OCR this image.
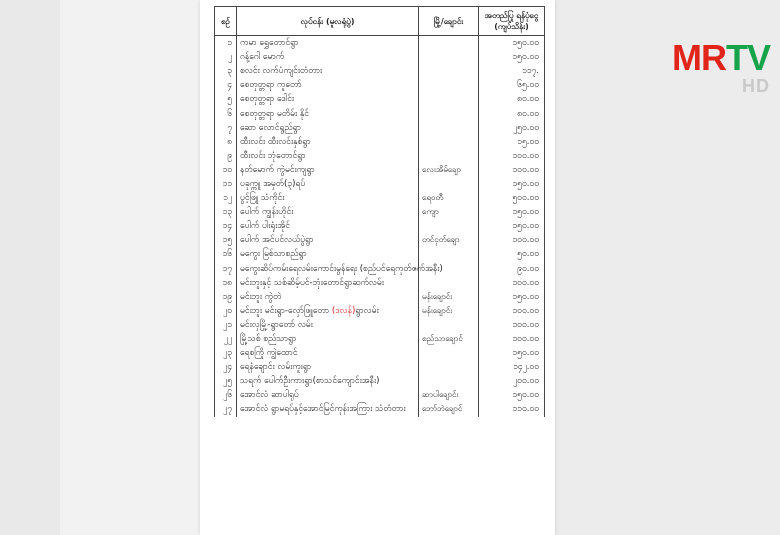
စဉ်	လုပ်ငန်း (မူလရုံပွဲ)	မြို့/ချောင်း	အတည်ပြု ရန်ပုံငွေ (ကျပ်သိန်း)
၁	ကမာ ရွှေတောင်ရွာ		၁၅၀.၀၀
၂	ဂန့်ဂေါ မောက်		၁၅၀.၀၀
၃	စလင်း လက်ပံကျင်းတံတား		၁၁၇.
၄	စေတုတ္တရာ ကူတော်		၆၅.၀၀
၅	စေတုတ္တရာ ဒေါင်း		၈၀.၀၀
၆	စေတုတ္တရာ မတိမ်း နိုင်		၈၀.၀၀
၇	ဆော လောင်ရွည်ရွာ		၂၅၀.၀၀
၈	ထီးလင်း ထီးလင်းနှစ်ရွာ		၁၅.၀၀
၉	ထီးလင်း ဘုံတောင်ရွာ		၁၀၀.၀၀
၁၀	နတ်မောက် ကွဲမင်းကျရွာ	လေးအိမ်ချော	၁၀၀.၀၀
၁၁	ပခုက္ကူ အမှတ်(၃)ရပ်		၁၅၀.၀၀
၁၂	ပွင့်ဖြူ သံကိုင်း	ရေဝတီ	၅၀၀.၀၀
၁၃	ပေါက် ကျွန်းဟိုင်း	ကျော	၁၅၀.၀၀
၁၄	ပေါက် ပါးရုံးအိုင်		၁၅၀.၀၀
၁၅	ပေါက် အင်ပင်လယ်ပွဲရွာ	တင်ငုတ်ချော	၁၀၀.၀၀
၁၆	မကွေး မြစ်သာစည်ရွာ		၅၀.၀၀
၁၇	မကွေးဆိပ်ကမ်းရေလမ်းကောင်းမွန်ရေး (စည်ပင်ရေကုတ်ဇက်အနီး)		၉၀.၀၀
၁၈	မင်းဘူးနှင့် သစ်ဆိမ့်ပင်-ဘုံးတောင်ရွာဆက်လမ်း		၁၀၀.၀၀
၁၉	မင်းဘူး ကွဲတဲ	မန်းချောင်း	၁၅၀.၀၀
၂၀	မင်းဘူး မင်းရွာ-လှော်ဖြူတော (ဒလန်)ရွာလမ်း	မန်းချောင်း	၁၀၀.၀၀
၂၁	မင်းလှမြို့-ရွာတော် လမ်း		၁၀၀.၀၀
၂၂	မြို့သစ် စည်သာရွာ	စည်သာချောင်	၁၀၀.၀၀
၂၃	ရေစကြို ကျွဲထောင်		၁၅၀.၀၀
၂၄	ရေနံချောင်း လမ်းကူးရွာ		၁၄၂.၀၀
၂၅	သရက် ပေါက်ဦးကားရွာ(စာသင်ကျောင်းအနီး)		၂၀၀.၀၀
၂၆	အောင်လံ ဆာပါရုပ်	ဆာပါချောင်း	၁၅၀.၀၀
၂၇	အောင်လံ ရွာမရပ်နှင့်အောင်မြင်ကုန်းအကြား သံတံတား	ဘော်ဘဲချောင်	၁၁၀.၀၀
MRTV
HD
